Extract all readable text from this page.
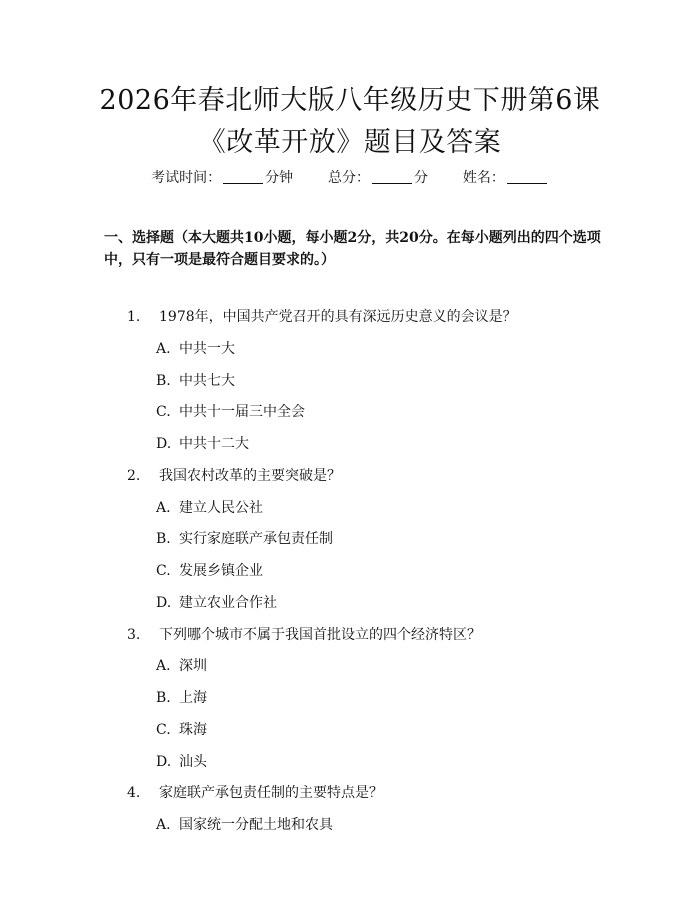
2026年春北师大版八年级历史下册第6课
《改革开放》题目及答案
考试时间：	分钟 总分：	分 姓名：
一、选择题（本大题共10小题，每小题2分，共20分。在每小题列出的四个选项中，只有一项是最符合题目要求的。）
1. 1978年，中国共产党召开的具有深远历史意义的会议是？
A. 中共一大
B. 中共七大
C. 中共十一届三中全会
D. 中共十二大
2. 我国农村改革的主要突破是？
A. 建立人民公社
B. 实行家庭联产承包责任制
C. 发展乡镇企业
D. 建立农业合作社
3. 下列哪个城市不属于我国首批设立的四个经济特区？
A. 深圳
B. 上海
C. 珠海
D. 汕头
4. 家庭联产承包责任制的主要特点是？
A. 国家统一分配土地和农具
